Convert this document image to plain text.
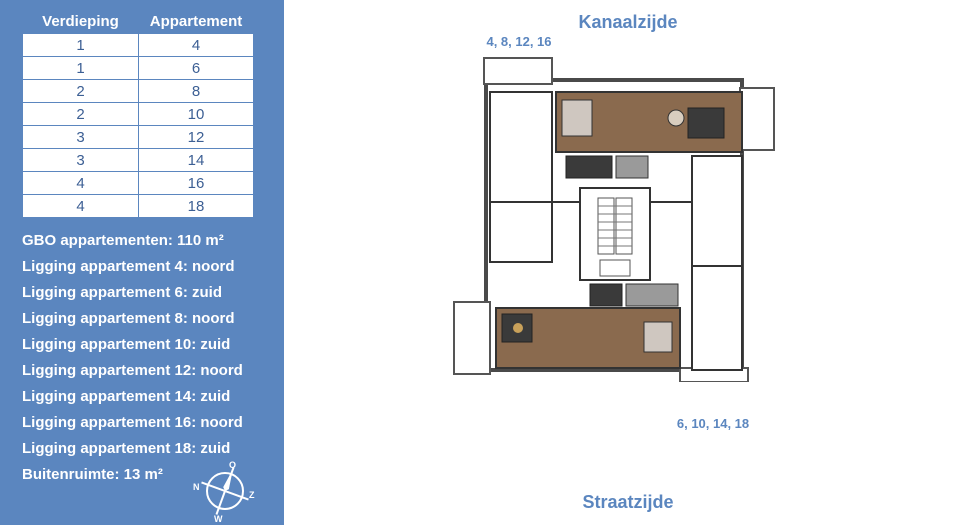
Verdieping	Appartement
1	4
1	6
2	8
2	10
3	12
3	14
4	16
4	18
GBO appartementen: 110 m²
Ligging appartement 4: noord
Ligging appartement 6: zuid
Ligging appartement 8: noord
Ligging appartement 10: zuid
Ligging appartement 12: noord
Ligging appartement 14: zuid
Ligging appartement 16: noord
Ligging appartement 18: zuid
Buitenruimte: 13 m²
O
N
Z
W
Kanaalzijde
4, 8, 12, 16
6, 10, 14, 18
Straatzijde
